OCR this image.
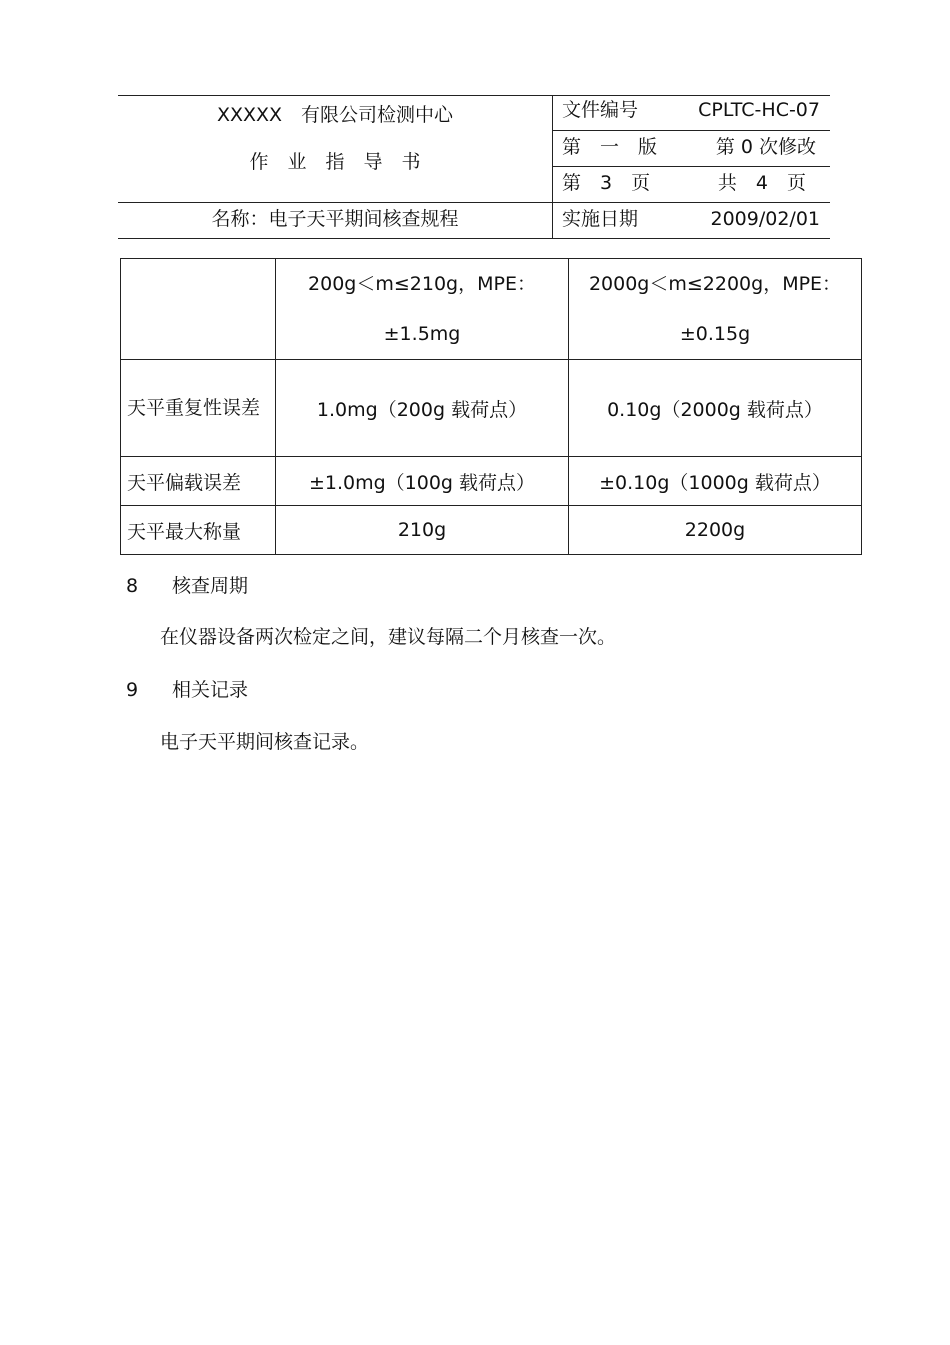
XXXXX　有限公司检测中心
作　业　指　导　书
名称：电子天平期间核查规程
文件编号	CPLTC-HC-07
第　一　版	第 0 次修改
第　3　页	共　4　页
实施日期	2009/02/01
	200g＜m≤210g，MPE：±1.5mg	2000g＜m≤2200g，MPE：±0.15g
天平重复性误差	1.0mg（200g 载荷点）	0.10g（2000g 载荷点）
天平偏载误差	±1.0mg（100g 载荷点）	±0.10g（1000g 载荷点）
天平最大称量	210g	2200g
8 核查周期
在仪器设备两次检定之间，建议每隔二个月核查一次。
9 相关记录
电子天平期间核查记录。
